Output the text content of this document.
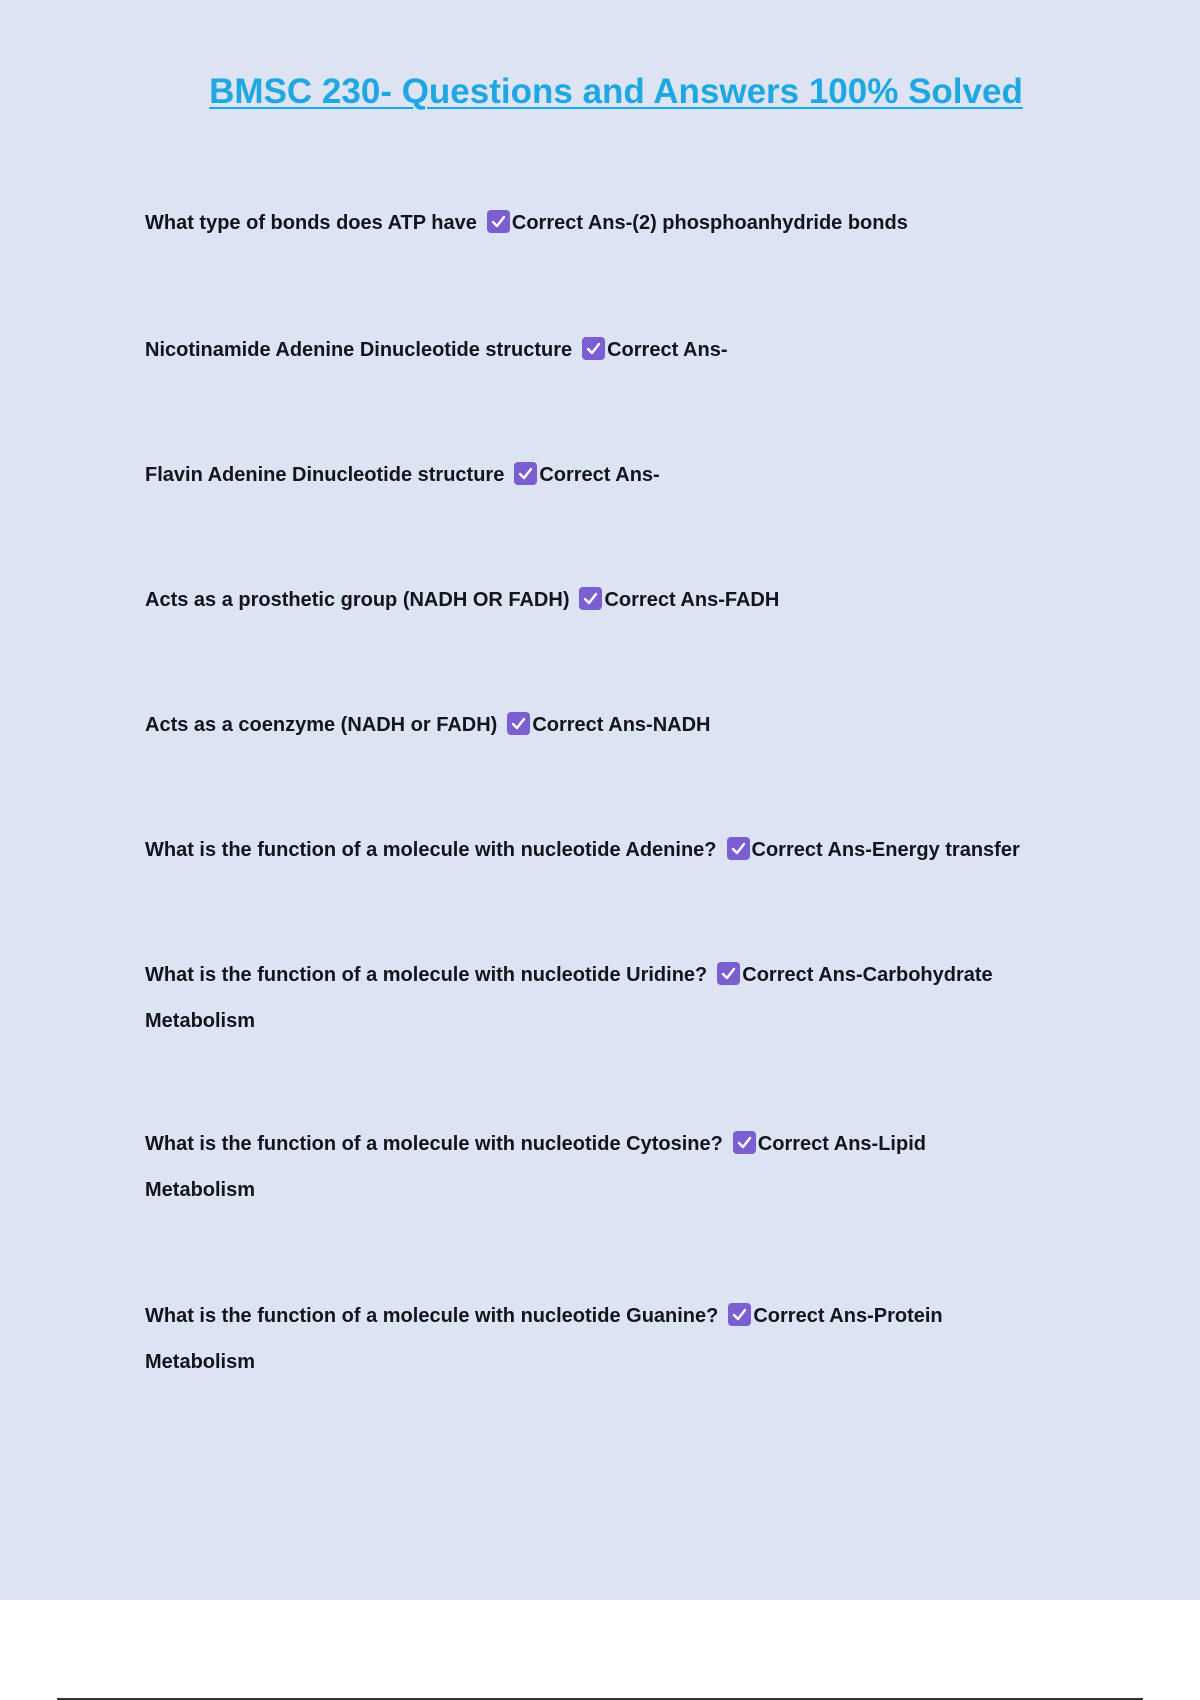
BMSC 230- Questions and Answers 100% Solved
What type of bonds does ATP have Correct Ans-(2) phosphoanhydride bonds
Nicotinamide Adenine Dinucleotide structure Correct Ans-
Flavin Adenine Dinucleotide structure Correct Ans-
Acts as a prosthetic group (NADH OR FADH) Correct Ans-FADH
Acts as a coenzyme (NADH or FADH) Correct Ans-NADH
What is the function of a molecule with nucleotide Adenine? Correct Ans-Energy transfer
What is the function of a molecule with nucleotide Uridine? Correct Ans-Carbohydrate Metabolism
What is the function of a molecule with nucleotide Cytosine? Correct Ans-Lipid Metabolism
What is the function of a molecule with nucleotide Guanine? Correct Ans-Protein Metabolism
